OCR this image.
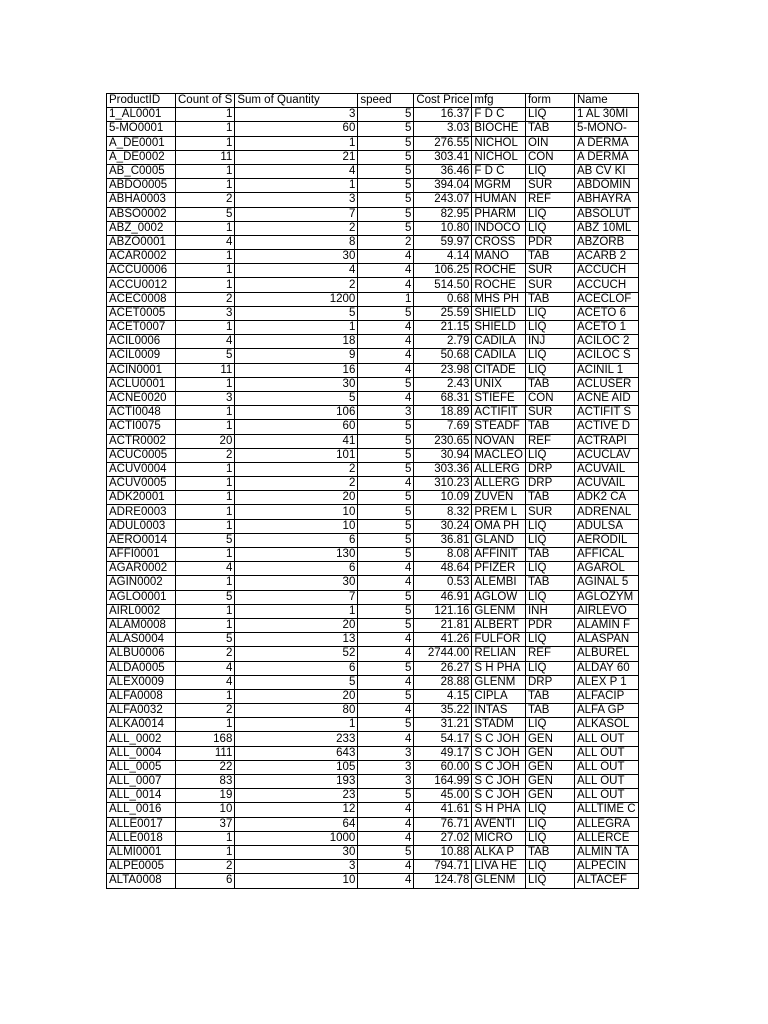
ProductID	Count of S	Sum of Quantity	speed	Cost Price	mfg	form	Name
1_AL0001	1	3	5	16.37	F D C	LIQ	1 AL 30MI
5-MO0001	1	60	5	3.03	BIOCHE	TAB	5-MONO-
A_DE0001	1	1	5	276.55	NICHOL	OIN	A DERMA
A_DE0002	11	21	5	303.41	NICHOL	CON	A DERMA
AB_C0005	1	4	5	36.46	F D C	LIQ	AB CV KI
ABDO0005	1	1	5	394.04	MGRM	SUR	ABDOMIN
ABHA0003	2	3	5	243.07	HUMAN	REF	ABHAYRA
ABSO0002	5	7	5	82.95	PHARM	LIQ	ABSOLUT
ABZ_0002	1	2	5	10.80	INDOCO	LIQ	ABZ 10ML
ABZO0001	4	8	2	59.97	CROSS	PDR	ABZORB
ACAR0002	1	30	4	4.14	MANO	TAB	ACARB 2
ACCU0006	1	4	4	106.25	ROCHE	SUR	ACCUCH
ACCU0012	1	2	4	514.50	ROCHE	SUR	ACCUCH
ACEC0008	2	1200	1	0.68	MHS PH	TAB	ACECLOF
ACET0005	3	5	5	25.59	SHIELD	LIQ	ACETO 6
ACET0007	1	1	4	21.15	SHIELD	LIQ	ACETO 1
ACIL0006	4	18	4	2.79	CADILA	INJ	ACILOC 2
ACIL0009	5	9	4	50.68	CADILA	LIQ	ACILOC S
ACIN0001	11	16	4	23.98	CITADE	LIQ	ACINIL 1
ACLU0001	1	30	5	2.43	UNIX	TAB	ACLUSER
ACNE0020	3	5	4	68.31	STIEFE	CON	ACNE AID
ACTI0048	1	106	3	18.89	ACTIFIT	SUR	ACTIFIT S
ACTI0075	1	60	5	7.69	STEADF	TAB	ACTIVE D
ACTR0002	20	41	5	230.65	NOVAN	REF	ACTRAPI
ACUC0005	2	101	5	30.94	MACLEO	LIQ	ACUCLAV
ACUV0004	1	2	5	303.36	ALLERG	DRP	ACUVAIL
ACUV0005	1	2	4	310.23	ALLERG	DRP	ACUVAIL
ADK20001	1	20	5	10.09	ZUVEN	TAB	ADK2 CA
ADRE0003	1	10	5	8.32	PREM L	SUR	ADRENAL
ADUL0003	1	10	5	30.24	OMA PH	LIQ	ADULSA
AERO0014	5	6	5	36.81	GLAND	LIQ	AERODIL
AFFI0001	1	130	5	8.08	AFFINIT	TAB	AFFICAL
AGAR0002	4	6	4	48.64	PFIZER	LIQ	AGAROL
AGIN0002	1	30	4	0.53	ALEMBI	TAB	AGINAL 5
AGLO0001	5	7	5	46.91	AGLOW	LIQ	AGLOZYM
AIRL0002	1	1	5	121.16	GLENM	INH	AIRLEVO
ALAM0008	1	20	5	21.81	ALBERT	PDR	ALAMIN F
ALAS0004	5	13	4	41.26	FULFOR	LIQ	ALASPAN
ALBU0006	2	52	4	2744.00	RELIAN	REF	ALBUREL
ALDA0005	4	6	5	26.27	S H PHA	LIQ	ALDAY 60
ALEX0009	4	5	4	28.88	GLENM	DRP	ALEX P 1
ALFA0008	1	20	5	4.15	CIPLA	TAB	ALFACIP
ALFA0032	2	80	4	35.22	INTAS	TAB	ALFA GP
ALKA0014	1	1	5	31.21	STADM	LIQ	ALKASOL
ALL_0002	168	233	4	54.17	S C JOH	GEN	ALL OUT
ALL_0004	111	643	3	49.17	S C JOH	GEN	ALL OUT
ALL_0005	22	105	3	60.00	S C JOH	GEN	ALL OUT
ALL_0007	83	193	3	164.99	S C JOH	GEN	ALL OUT
ALL_0014	19	23	5	45.00	S C JOH	GEN	ALL OUT
ALL_0016	10	12	4	41.61	S H PHA	LIQ	ALLTIME C
ALLE0017	37	64	4	76.71	AVENTI	LIQ	ALLEGRA
ALLE0018	1	1000	4	27.02	MICRO	LIQ	ALLERCE
ALMI0001	1	30	5	10.88	ALKA P	TAB	ALMIN TA
ALPE0005	2	3	4	794.71	LIVA HE	LIQ	ALPECIN
ALTA0008	6	10	4	124.78	GLENM	LIQ	ALTACEF
